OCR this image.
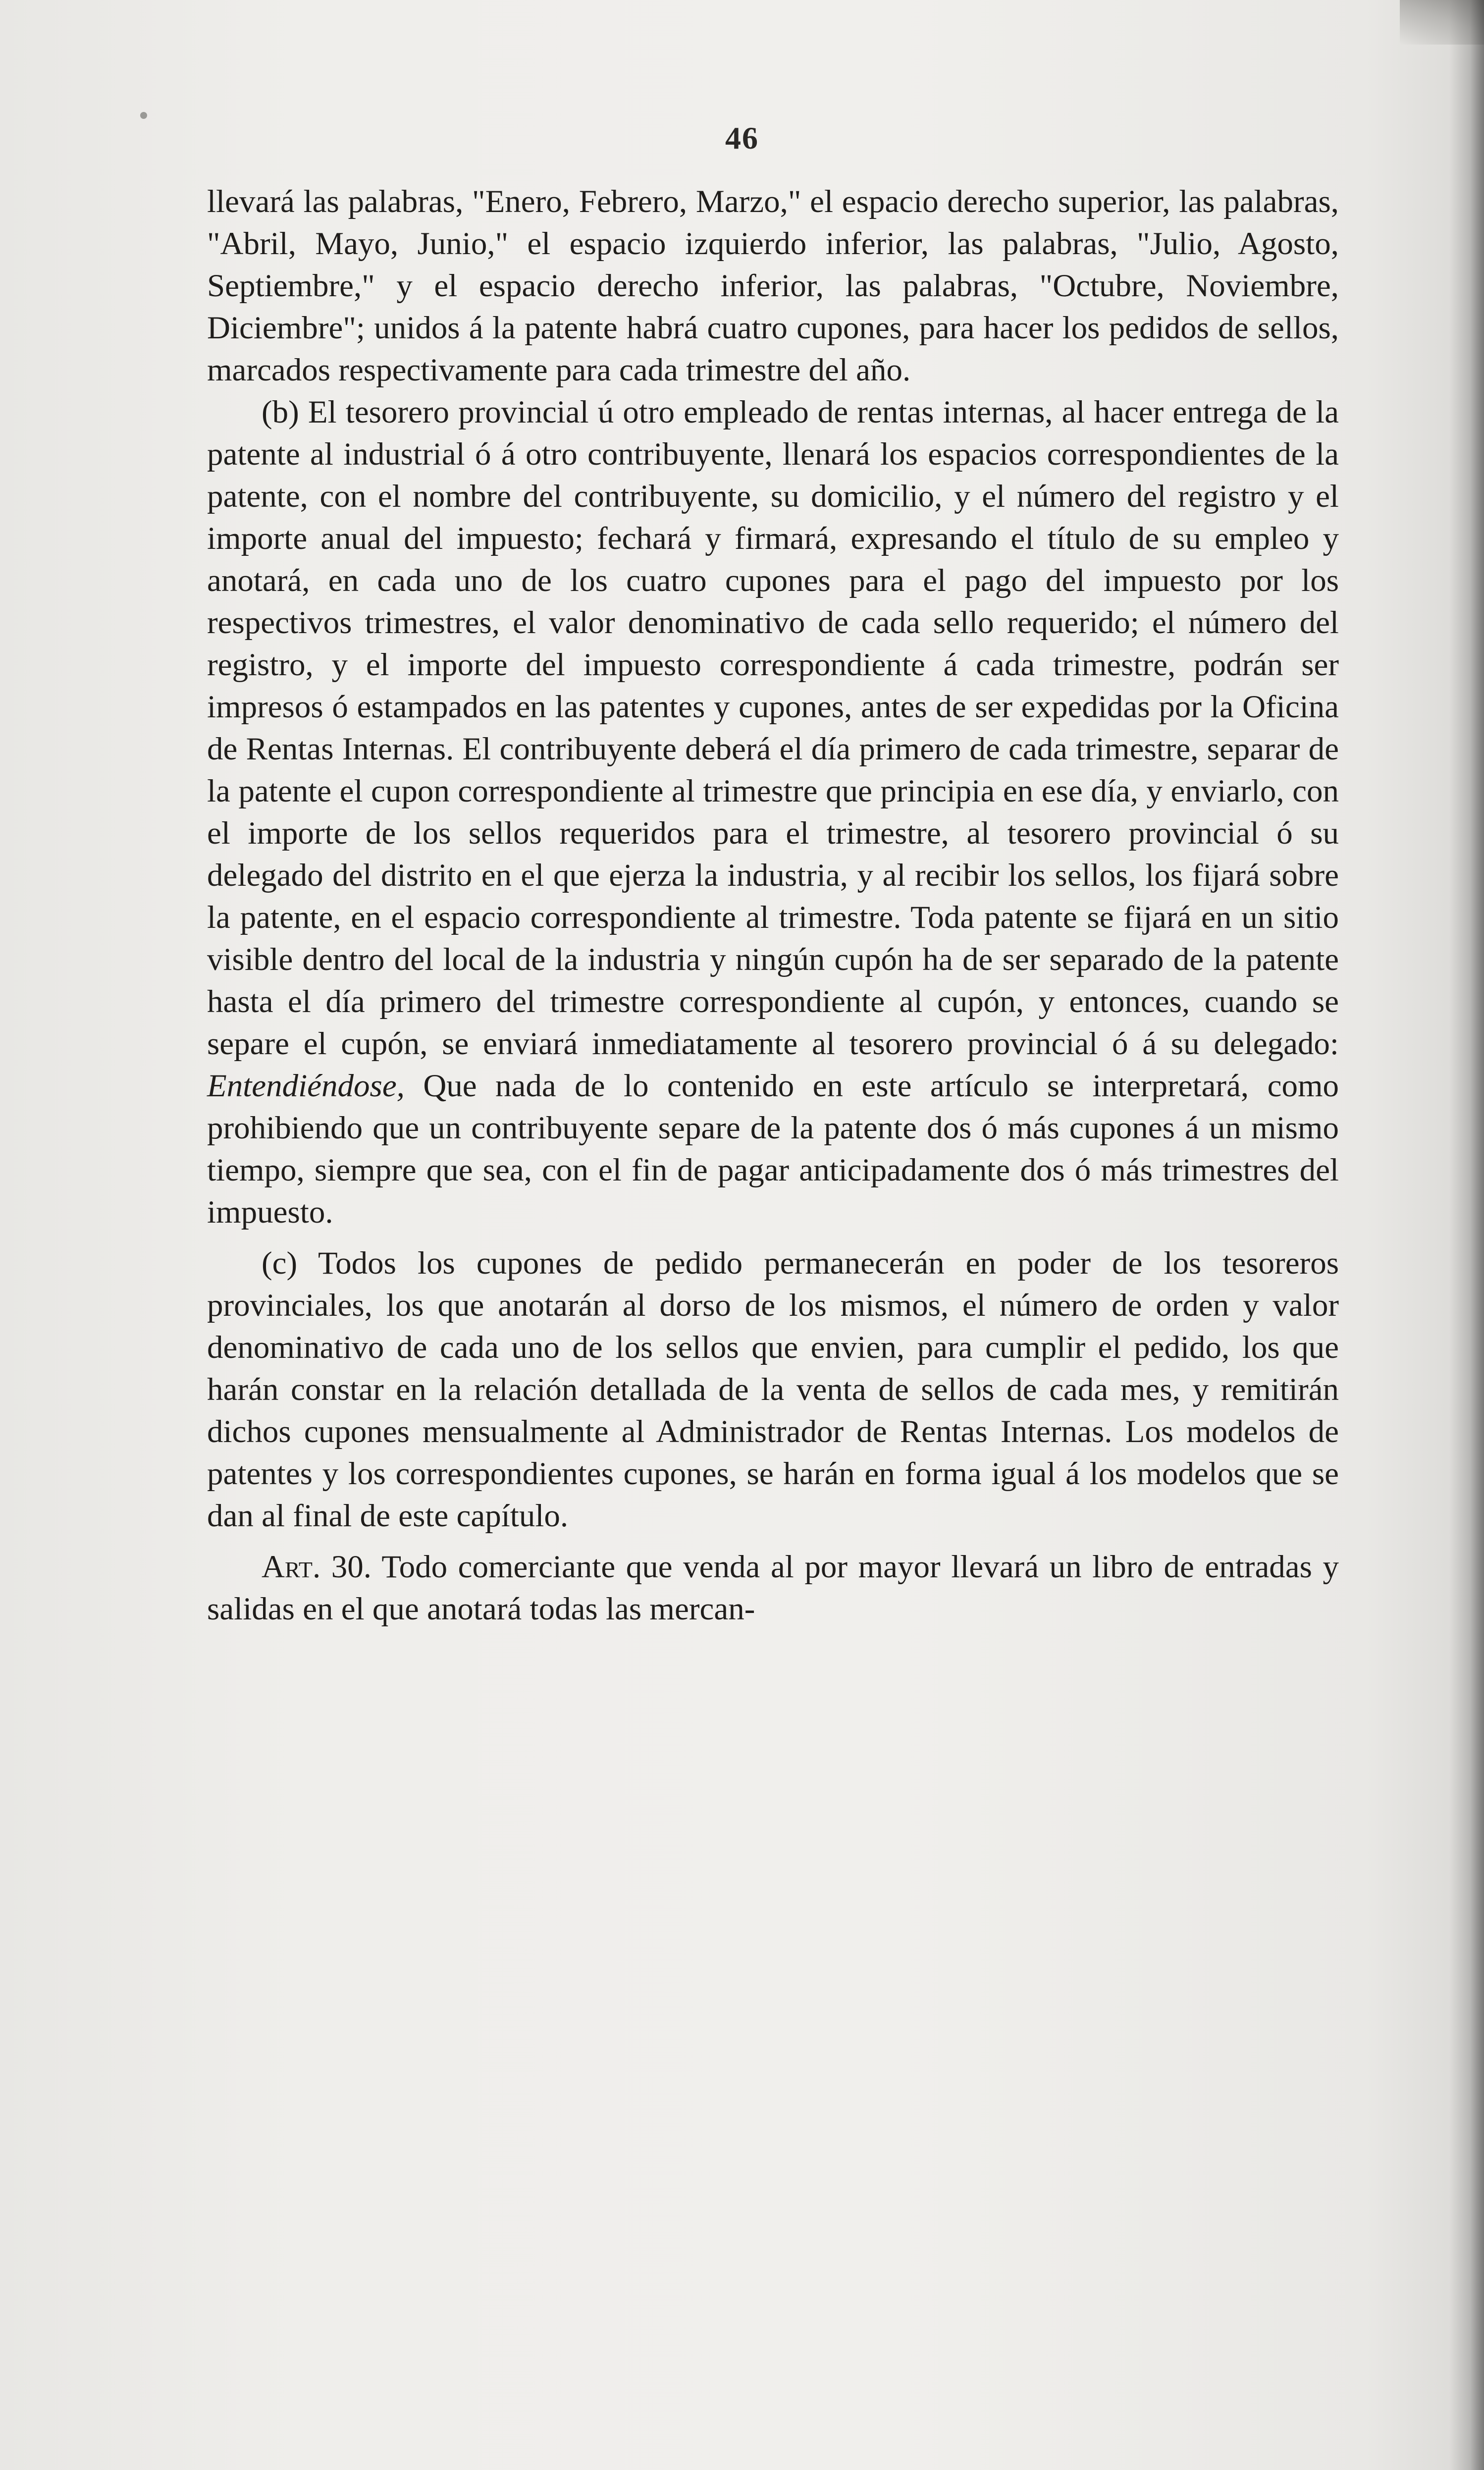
46

llevará las palabras, "Enero, Febrero, Marzo," el espacio derecho superior, las palabras, "Abril, Mayo, Junio," el espacio izquierdo inferior, las palabras, "Julio, Agosto, Septiembre," y el espacio derecho inferior, las palabras, "Octubre, Noviembre, Diciembre"; unidos á la patente habrá cuatro cupones, para hacer los pedidos de sellos, marcados respectivamente para cada trimestre del año.

(b) El tesorero provincial ú otro empleado de rentas internas, al hacer entrega de la patente al industrial ó á otro contribuyente, llenará los espacios correspondientes de la patente, con el nombre del contribuyente, su domicilio, y el número del registro y el importe anual del impuesto; fechará y firmará, expresando el título de su empleo y anotará, en cada uno de los cuatro cupones para el pago del impuesto por los respectivos trimestres, el valor denominativo de cada sello requerido; el número del registro, y el importe del impuesto correspondiente á cada trimestre, podrán ser impresos ó estampados en las patentes y cupones, antes de ser expedidas por la Oficina de Rentas Internas. El contribuyente deberá el día primero de cada trimestre, separar de la patente el cupon correspondiente al trimestre que principia en ese día, y enviarlo, con el importe de los sellos requeridos para el trimestre, al tesorero provincial ó su delegado del distrito en el que ejerza la industria, y al recibir los sellos, los fijará sobre la patente, en el espacio correspondiente al trimestre. Toda patente se fijará en un sitio visible dentro del local de la industria y ningún cupón ha de ser separado de la patente hasta el día primero del trimestre correspondiente al cupón, y entonces, cuando se separe el cupón, se enviará inmediatamente al tesorero provincial ó á su delegado: Entendiéndose, Que nada de lo contenido en este artículo se interpretará, como prohibiendo que un contribuyente separe de la patente dos ó más cupones á un mismo tiempo, siempre que sea, con el fin de pagar anticipadamente dos ó más trimestres del impuesto.

(c) Todos los cupones de pedido permanecerán en poder de los tesoreros provinciales, los que anotarán al dorso de los mismos, el número de orden y valor denominativo de cada uno de los sellos que envien, para cumplir el pedido, los que harán constar en la relación detallada de la venta de sellos de cada mes, y remitirán dichos cupones mensualmente al Administrador de Rentas Internas. Los modelos de patentes y los correspondientes cupones, se harán en forma igual á los modelos que se dan al final de este capítulo.

Art. 30. Todo comerciante que venda al por mayor llevará un libro de entradas y salidas en el que anotará todas las mercan-
